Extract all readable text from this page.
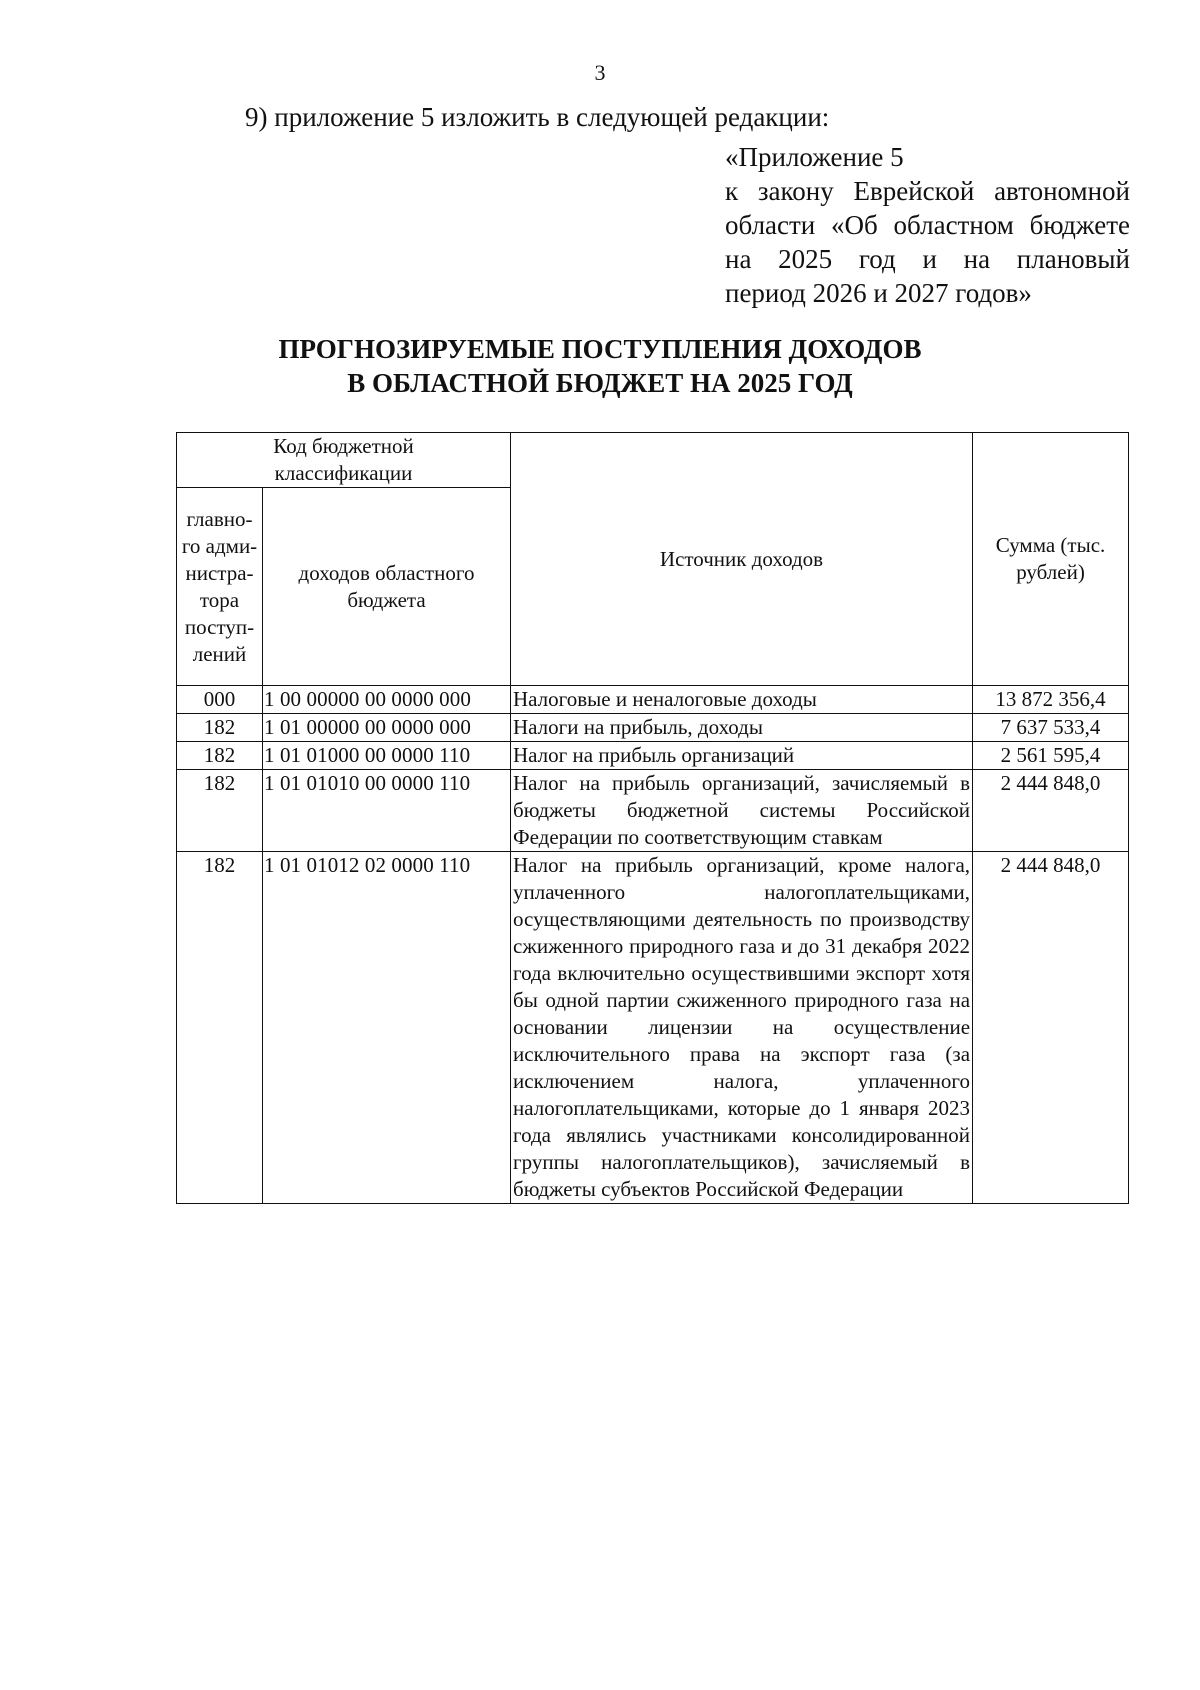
3
9) приложение 5 изложить в следующей редакции:
«Приложение 5
к закону Еврейской автономной
области «Об областном бюджете
на 2025 год и на плановый
период 2026 и 2027 годов»
ПРОГНОЗИРУЕМЫЕ ПОСТУПЛЕНИЯ ДОХОДОВ
В ОБЛАСТНОЙ БЮДЖЕТ НА 2025 ГОД
Код бюджетной классификации		Источник доходов	Сумма (тыс. рублей)
главно-го адми-нистра-тора поступ-лений	доходов областного бюджета		
000	1 00 00000 00 0000 000	Налоговые и неналоговые доходы	13 872 356,4
182	1 01 00000 00 0000 000	Налоги на прибыль, доходы	7 637 533,4
182	1 01 01000 00 0000 110	Налог на прибыль организаций	2 561 595,4
182	1 01 01010 00 0000 110	Налог на прибыль организаций, зачисляемый в бюджеты бюджетной системы Российской Федерации по соответствующим ставкам	2 444 848,0
182	1 01 01012 02 0000 110	Налог на прибыль организаций, кроме налога, уплаченного налогоплательщиками, осуществляющими деятельность по производству сжиженного природного газа и до 31 декабря 2022 года включительно осуществившими экспорт хотя бы одной партии сжиженного природного газа на основании лицензии на осуществление исключительного права на экспорт газа (за исключением налога, уплаченного налогоплательщиками, которые до 1 января 2023 года являлись участниками консолидированной группы налогоплательщиков), зачисляемый в бюджеты субъектов Российской Федерации	2 444 848,0
